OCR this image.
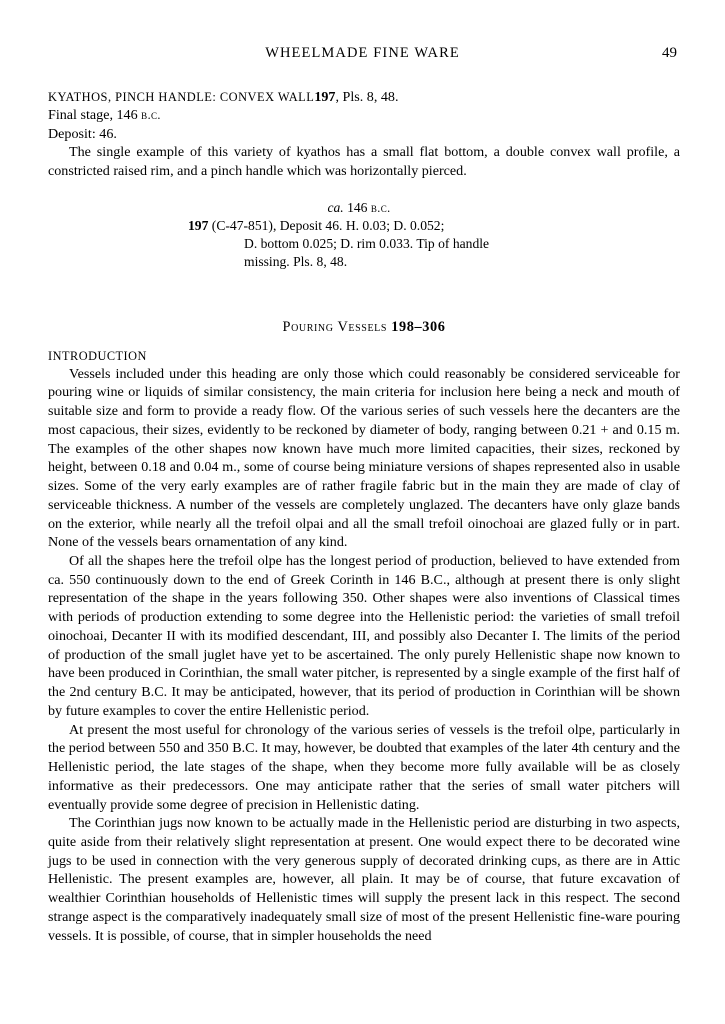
WHEELMADE FINE WARE	49
KYATHOS, PINCH HANDLE: CONVEX WALL197, Pls. 8, 48.
Final stage, 146 b.c.
Deposit: 46.

The single example of this variety of kyathos has a small flat bottom, a double convex wall profile, a constricted raised rim, and a pinch handle which was horizontally pierced.

ca. 146 b.c.
197 (C-47-851), Deposit 46. H. 0.03; D. 0.052;
D. bottom 0.025; D. rim 0.033. Tip of handle
missing. Pls. 8, 48.
Pouring Vessels 198–306
INTRODUCTION

Vessels included under this heading are only those which could reasonably be considered serviceable for pouring wine or liquids of similar consistency, the main criteria for inclusion here being a neck and mouth of suitable size and form to provide a ready flow. Of the various series of such vessels here the decanters are the most capacious, their sizes, evidently to be reckoned by diameter of body, ranging between 0.21 + and 0.15 m. The examples of the other shapes now known have much more limited capacities, their sizes, reckoned by height, between 0.18 and 0.04 m., some of course being miniature versions of shapes represented also in usable sizes. Some of the very early examples are of rather fragile fabric but in the main they are made of clay of serviceable thickness. A number of the vessels are completely unglazed. The decanters have only glaze bands on the exterior, while nearly all the trefoil olpai and all the small trefoil oinochoai are glazed fully or in part. None of the vessels bears ornamentation of any kind.

Of all the shapes here the trefoil olpe has the longest period of production, believed to have extended from ca. 550 continuously down to the end of Greek Corinth in 146 B.C., although at present there is only slight representation of the shape in the years following 350. Other shapes were also inventions of Classical times with periods of production extending to some degree into the Hellenistic period: the varieties of small trefoil oinochoai, Decanter II with its modified descendant, III, and possibly also Decanter I. The limits of the period of production of the small juglet have yet to be ascertained. The only purely Hellenistic shape now known to have been produced in Corinthian, the small water pitcher, is represented by a single example of the first half of the 2nd century B.C. It may be anticipated, however, that its period of production in Corinthian will be shown by future examples to cover the entire Hellenistic period.

At present the most useful for chronology of the various series of vessels is the trefoil olpe, particularly in the period between 550 and 350 B.C. It may, however, be doubted that examples of the later 4th century and the Hellenistic period, the late stages of the shape, when they become more fully available will be as closely informative as their predecessors. One may anticipate rather that the series of small water pitchers will eventually provide some degree of precision in Hellenistic dating.

The Corinthian jugs now known to be actually made in the Hellenistic period are disturbing in two aspects, quite aside from their relatively slight representation at present. One would expect there to be decorated wine jugs to be used in connection with the very generous supply of decorated drinking cups, as there are in Attic Hellenistic. The present examples are, however, all plain. It may be of course, that future excavation of wealthier Corinthian households of Hellenistic times will supply the present lack in this respect. The second strange aspect is the comparatively inadequately small size of most of the present Hellenistic fine-ware pouring vessels. It is possible, of course, that in simpler households the need
